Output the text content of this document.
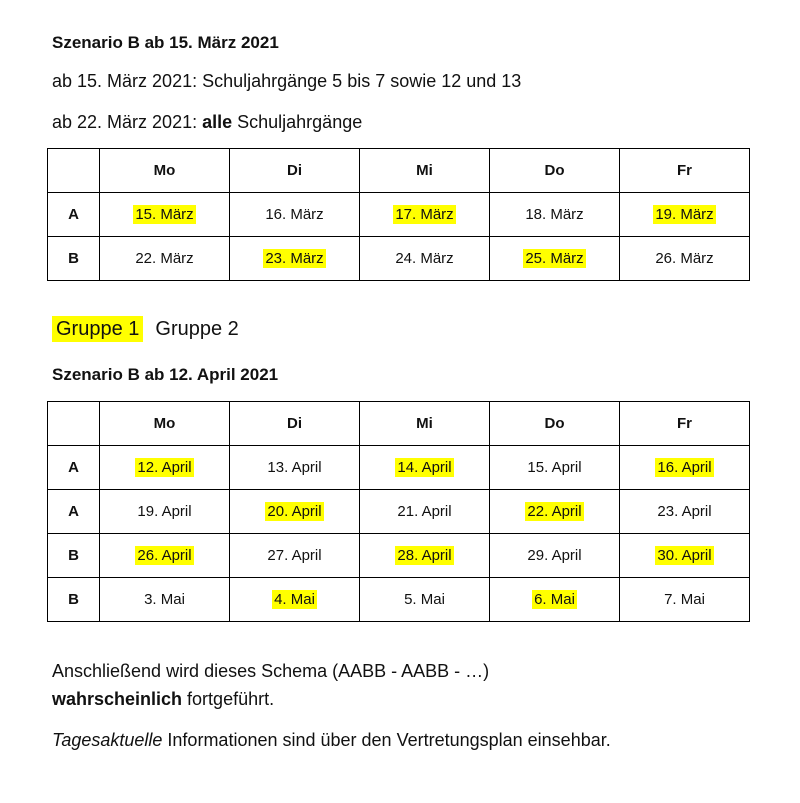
Szenario B ab 15. März 2021
ab 15. März 2021: Schuljahrgänge 5 bis 7 sowie 12 und 13
ab 22. März 2021: alle Schuljahrgänge
	Mo	Di	Mi	Do	Fr
A	15. März	16. März	17. März	18. März	19. März
B	22. März	23. März	24. März	25. März	26. März
Gruppe 1 Gruppe 2
Szenario B ab 12. April 2021
	Mo	Di	Mi	Do	Fr
A	12. April	13. April	14. April	15. April	16. April
A	19. April	20. April	21. April	22. April	23. April
B	26. April	27. April	28. April	29. April	30. April
B	3. Mai	4. Mai	5. Mai	6. Mai	7. Mai
Anschließend wird dieses Schema (AABB - AABB - …)
wahrscheinlich fortgeführt.
Tagesaktuelle Informationen sind über den Vertretungsplan einsehbar.
